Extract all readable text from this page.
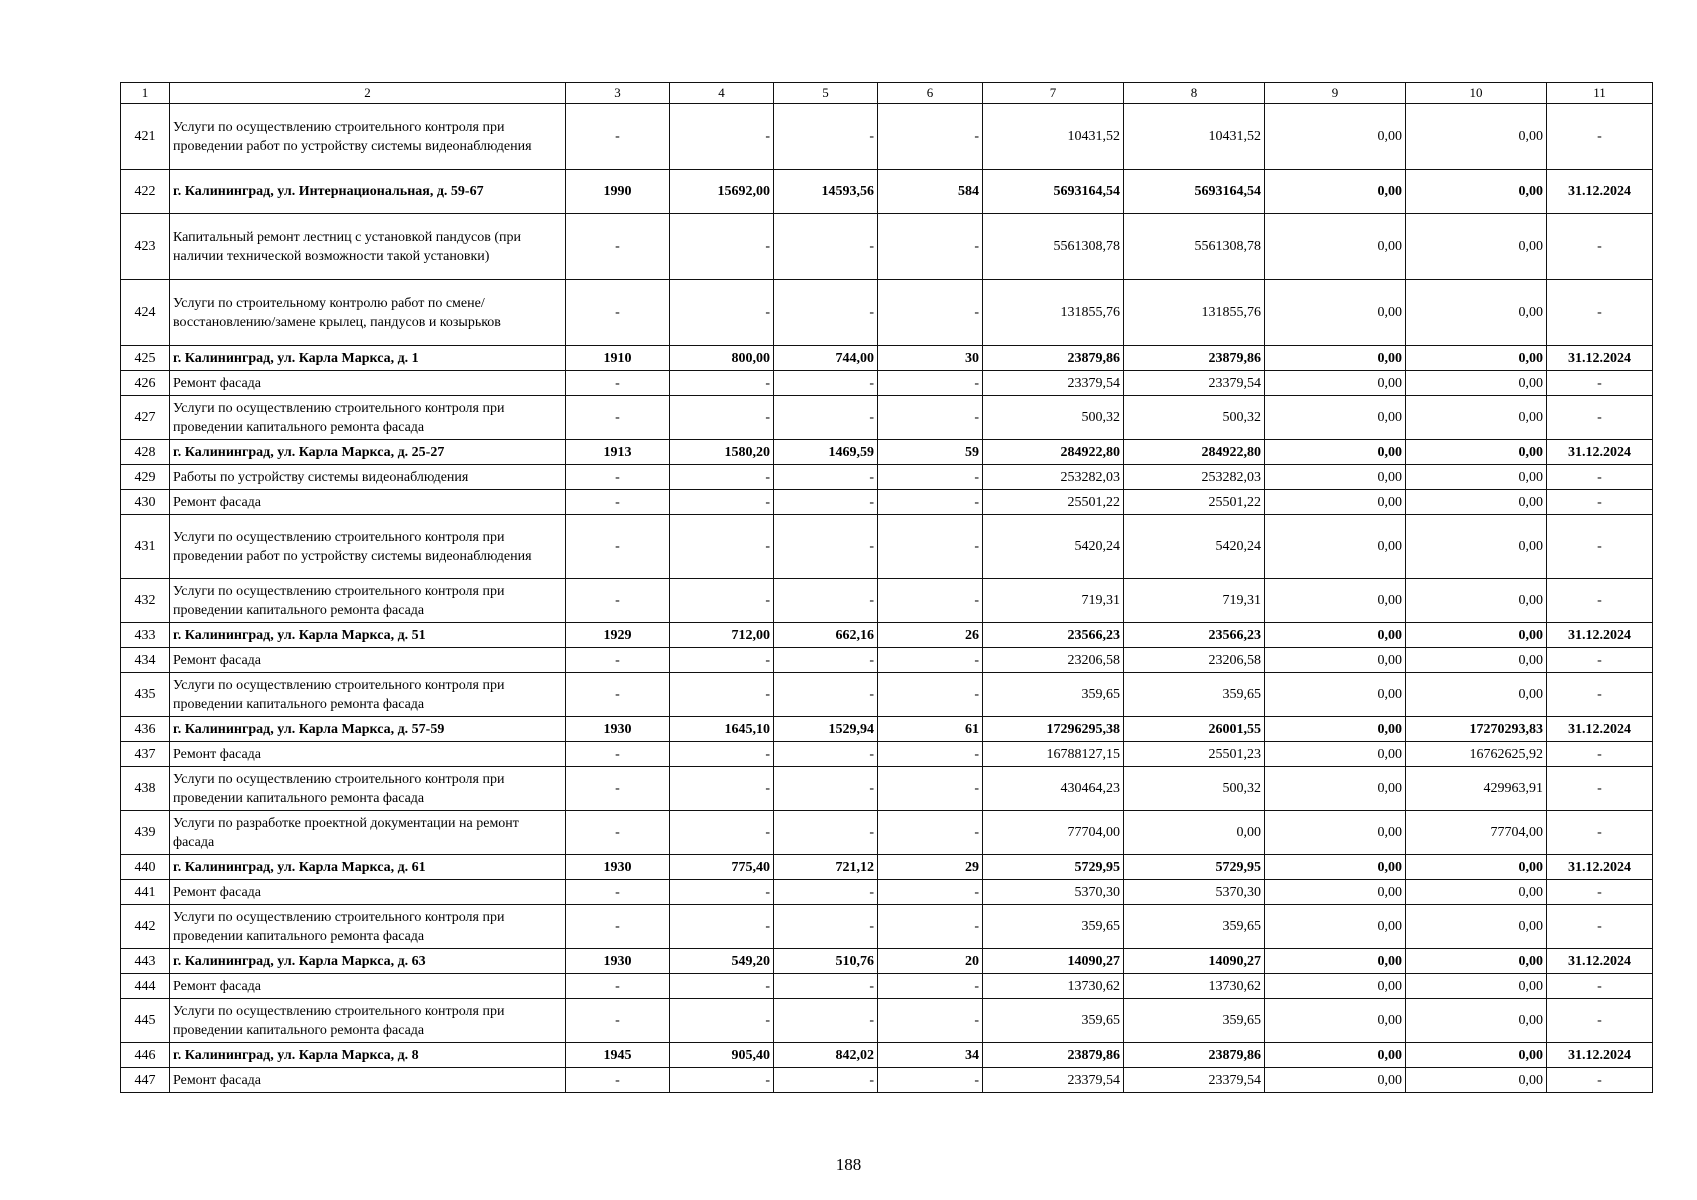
1	2	3	4	5	6	7	8	9	10	11
421	Услуги по осуществлению строительного контроля при проведении работ по устройству системы видеонаблюдения	-	-	-	-	10431,52	10431,52	0,00	0,00	-
422	г. Калининград, ул. Интернациональная, д. 59-67	1990	15692,00	14593,56	584	5693164,54	5693164,54	0,00	0,00	31.12.2024
423	Капитальный ремонт лестниц с установкой пандусов (при наличии технической возможности такой установки)	-	-	-	-	5561308,78	5561308,78	0,00	0,00	-
424	Услуги по строительному контролю работ по смене/восстановлению/замене крылец, пандусов и козырьков	-	-	-	-	131855,76	131855,76	0,00	0,00	-
425	г. Калининград, ул. Карла Маркса, д. 1	1910	800,00	744,00	30	23879,86	23879,86	0,00	0,00	31.12.2024
426	Ремонт фасада	-	-	-	-	23379,54	23379,54	0,00	0,00	-
427	Услуги по осуществлению строительного контроля при проведении капитального ремонта фасада	-	-	-	-	500,32	500,32	0,00	0,00	-
428	г. Калининград, ул. Карла Маркса, д. 25-27	1913	1580,20	1469,59	59	284922,80	284922,80	0,00	0,00	31.12.2024
429	Работы по устройству системы видеонаблюдения	-	-	-	-	253282,03	253282,03	0,00	0,00	-
430	Ремонт фасада	-	-	-	-	25501,22	25501,22	0,00	0,00	-
431	Услуги по осуществлению строительного контроля при проведении работ по устройству системы видеонаблюдения	-	-	-	-	5420,24	5420,24	0,00	0,00	-
432	Услуги по осуществлению строительного контроля при проведении капитального ремонта фасада	-	-	-	-	719,31	719,31	0,00	0,00	-
433	г. Калининград, ул. Карла Маркса, д. 51	1929	712,00	662,16	26	23566,23	23566,23	0,00	0,00	31.12.2024
434	Ремонт фасада	-	-	-	-	23206,58	23206,58	0,00	0,00	-
435	Услуги по осуществлению строительного контроля при проведении капитального ремонта фасада	-	-	-	-	359,65	359,65	0,00	0,00	-
436	г. Калининград, ул. Карла Маркса, д. 57-59	1930	1645,10	1529,94	61	17296295,38	26001,55	0,00	17270293,83	31.12.2024
437	Ремонт фасада	-	-	-	-	16788127,15	25501,23	0,00	16762625,92	-
438	Услуги по осуществлению строительного контроля при проведении капитального ремонта фасада	-	-	-	-	430464,23	500,32	0,00	429963,91	-
439	Услуги по разработке проектной документации на ремонт фасада	-	-	-	-	77704,00	0,00	0,00	77704,00	-
440	г. Калининград, ул. Карла Маркса, д. 61	1930	775,40	721,12	29	5729,95	5729,95	0,00	0,00	31.12.2024
441	Ремонт фасада	-	-	-	-	5370,30	5370,30	0,00	0,00	-
442	Услуги по осуществлению строительного контроля при проведении капитального ремонта фасада	-	-	-	-	359,65	359,65	0,00	0,00	-
443	г. Калининград, ул. Карла Маркса, д. 63	1930	549,20	510,76	20	14090,27	14090,27	0,00	0,00	31.12.2024
444	Ремонт фасада	-	-	-	-	13730,62	13730,62	0,00	0,00	-
445	Услуги по осуществлению строительного контроля при проведении капитального ремонта фасада	-	-	-	-	359,65	359,65	0,00	0,00	-
446	г. Калининград, ул. Карла Маркса, д. 8	1945	905,40	842,02	34	23879,86	23879,86	0,00	0,00	31.12.2024
447	Ремонт фасада	-	-	-	-	23379,54	23379,54	0,00	0,00	-
188
